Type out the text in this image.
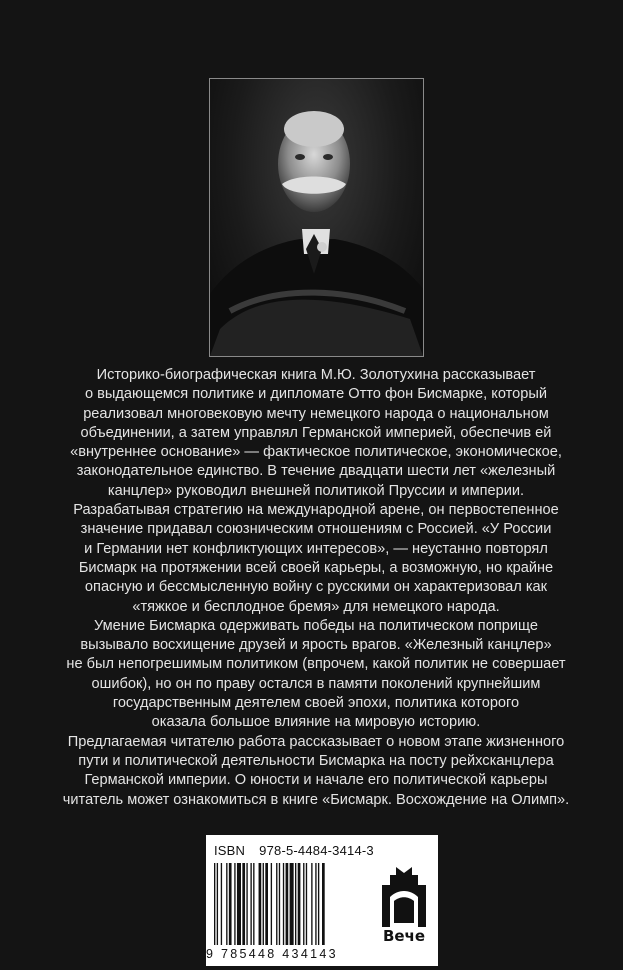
Историко-биографическая книга М.Ю. Золотухина рассказывает

о выдающемся политике и дипломате Отто фон Бисмарке, который

реализовал многовековую мечту немецкого народа о национальном

объединении, а затем управлял Германской империей, обеспечив ей

«внутреннее основание» — фактическое политическое, экономическое,

законодательное единство. В течение двадцати шести лет «железный

канцлер» руководил внешней политикой Пруссии и империи.

Разрабатывая стратегию на международной арене, он первостепенное

значение придавал союзническим отношениям с Россией. «У России

и Германии нет конфликтующих интересов», — неустанно повторял

Бисмарк на протяжении всей своей карьеры, а возможную, но крайне

опасную и бессмысленную войну с русскими он характеризовал как

«тяжкое и бесплодное бремя» для немецкого народа.

Умение Бисмарка одерживать победы на политическом поприще

вызывало восхищение друзей и ярость врагов. «Железный канцлер»

не был непогрешимым политиком (впрочем, какой политик не совершает

ошибок), но он по праву остался в памяти поколений крупнейшим

государственным деятелем своей эпохи, политика которого

оказала большое влияние на мировую историю.

Предлагаемая читателю работа рассказывает о новом этапе жизненного

пути и политической деятельности Бисмарка на посту рейхсканцлера

Германской империи. О юности и начале его политической карьеры

читатель может ознакомиться в книге «Бисмарк. Восхождение на Олимп».

ISBN 978-5-4484-3414-3
9 785448 434143
Вече
